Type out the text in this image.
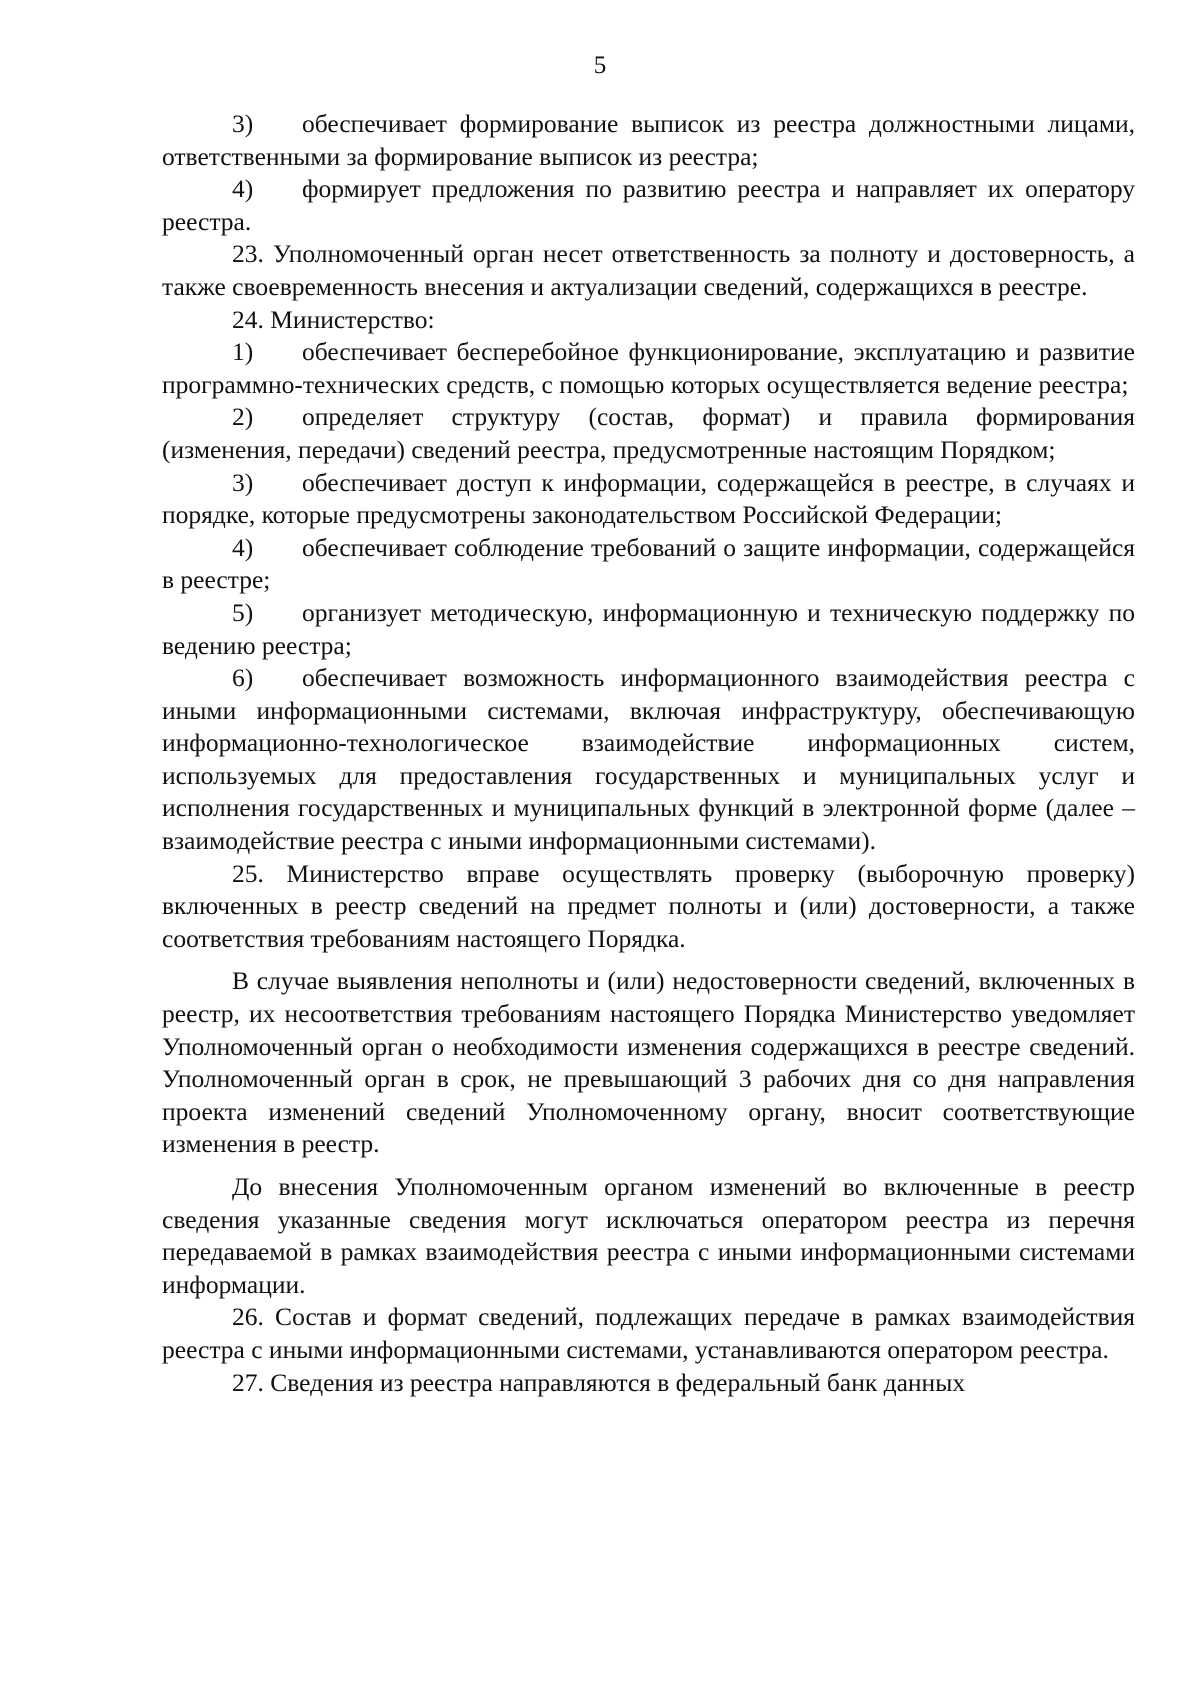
5

3) обеспечивает формирование выписок из реестра должностными лицами, ответственными за формирование выписок из реестра;

4) формирует предложения по развитию реестра и направляет их оператору реестра.

23. Уполномоченный орган несет ответственность за полноту и достоверность, а также своевременность внесения и актуализации сведений, содержащихся в реестре.

24. Министерство:

1) обеспечивает бесперебойное функционирование, эксплуатацию и развитие программно-технических средств, с помощью которых осуществляется ведение реестра;

2) определяет структуру (состав, формат) и правила формирования (изменения, передачи) сведений реестра, предусмотренные настоящим Порядком;

3) обеспечивает доступ к информации, содержащейся в реестре, в случаях и порядке, которые предусмотрены законодательством Российской Федерации;

4) обеспечивает соблюдение требований о защите информации, содержащейся в реестре;

5) организует методическую, информационную и техническую поддержку по ведению реестра;

6) обеспечивает возможность информационного взаимодействия реестра с иными информационными системами, включая инфраструктуру, обеспечивающую информационно-технологическое взаимодействие информационных систем, используемых для предоставления государственных и муниципальных услуг и исполнения государственных и муниципальных функций в электронной форме (далее – взаимодействие реестра с иными информационными системами).

25. Министерство вправе осуществлять проверку (выборочную проверку) включенных в реестр сведений на предмет полноты и (или) достоверности, а также соответствия требованиям настоящего Порядка.

В случае выявления неполноты и (или) недостоверности сведений, включенных в реестр, их несоответствия требованиям настоящего Порядка Министерство уведомляет Уполномоченный орган о необходимости изменения содержащихся в реестре сведений. Уполномоченный орган в срок, не превышающий 3 рабочих дня со дня направления проекта изменений сведений Уполномоченному органу, вносит соответствующие изменения в реестр.

До внесения Уполномоченным органом изменений во включенные в реестр сведения указанные сведения могут исключаться оператором реестра из перечня передаваемой в рамках взаимодействия реестра с иными информационными системами информации.

26. Состав и формат сведений, подлежащих передаче в рамках взаимодействия реестра с иными информационными системами, устанавливаются оператором реестра.

27. Сведения из реестра направляются в федеральный банк данных
